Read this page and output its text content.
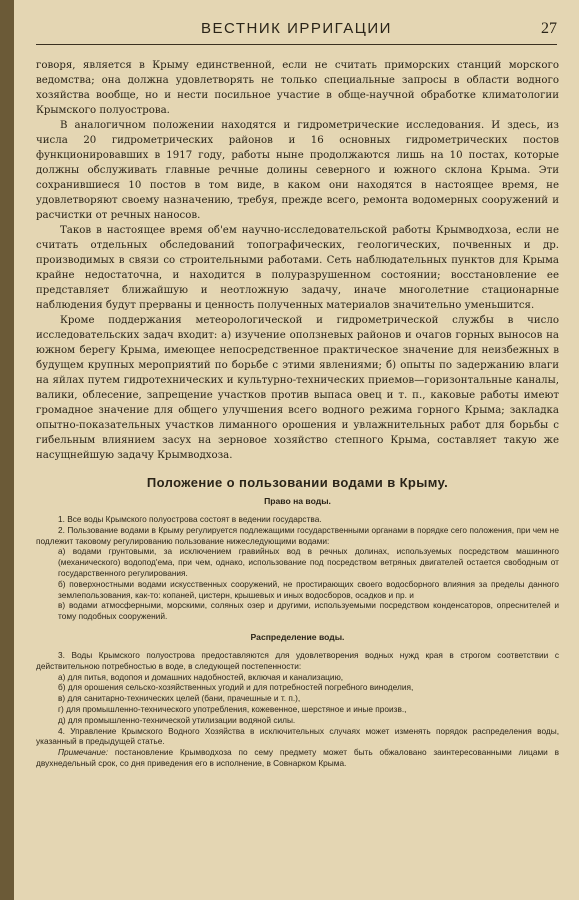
ВЕСТНИК ИРРИГАЦИИ	27

говоря, является в Крыму единственной, если не считать приморских станций морского ведомства; она должна удовлетворять не только специальные запросы в области водного хозяйства вообще, но и нести посильное участие в обще-научной обработке климатологии Крымского полуострова.

В аналогичном положении находятся и гидрометрические исследования. И здесь, из числа 20 гидрометрических районов и 16 основных гидрометрических постов функционировавших в 1917 году, работы ныне продолжаются лишь на 10 постах, которые должны обслуживать главные речные долины северного и южного склона Крыма. Эти сохранившиеся 10 постов в том виде, в каком они находятся в настоящее время, не удовлетворяют своему назначению, требуя, прежде всего, ремонта водомерных сооружений и расчистки от речных наносов.

Таков в настоящее время об'ем научно-исследовательской работы Крымводхоза, если не считать отдельных обследований топографических, геологических, почвенных и др. производимых в связи со строительными работами. Сеть наблюдательных пунктов для Крыма крайне недостаточна, и находится в полуразрушенном состоянии; восстановление ее представляет ближайшую и неотложную задачу, иначе многолетние стационарные наблюдения будут прерваны и ценность полученных материалов значительно уменьшится.

Кроме поддержания метеорологической и гидрометрической службы в число исследовательских задач входит: а) изучение оползневых районов и очагов горных выносов на южном берегу Крыма, имеющее непосредственное практическое значение для неизбежных в будущем крупных мероприятий по борьбе с этими явлениями; б) опыты по задержанию влаги на яйлах путем гидротехнических и культурно-технических приемов—горизонтальные каналы, валики, облесение, запрещение участков против выпаса овец и т. п., каковые работы имеют громадное значение для общего улучшения всего водного режима горного Крыма; закладка опытно-показательных участков лиманного орошения и увлажнительных работ для борьбы с гибельным влиянием засух на зерновое хозяйство степного Крыма, составляет такую же насущнейшую задачу Крымводхоза.

Положение о пользовании водами в Крыму.
Право на воды.

1. Все воды Крымского полуострова состоят в ведении государства.

2. Пользование водами в Крыму регулируется подлежащими государственными органами в порядке сего положения, при чем не подлежит таковому регулированию пользование нижеследующими водами:

а) водами грунтовыми, за исключением гравийных вод в речных долинах, используемых посредством машинного (механического) водопод'ема, при чем, однако, использование под посредством ветряных двигателей остается свободным от государственного регулирования.

б) поверхностными водами искусственных сооружений, не простирающих своего водосборного влияния за пределы данного землепользования, как-то: копаней, цистерн, крышевых и иных водосборов, осадков и пр. и

в) водами атмосферными, морскими, соляных озер и другими, используемыми посредством конденсаторов, опреснителей и тому подобных сооружений.

Распределение воды.

3. Воды Крымского полуострова предоставляются для удовлетворения водных нужд края в строгом соответствии с действительною потребностью в воде, в следующей постепенности:

а) для питья, водопоя и домашних надобностей, включая и канализацию,

б) для орошения сельско-хозяйственных угодий и для потребностей погребного виноделия,

в) для санитарно-технических целей (бани, прачешные и т. п.),

г) для промышленно-технического употребления, кожевенное, шерстяное и иные произв.,

д) для промышленно-технической утилизации водяной силы.

4. Управление Крымского Водного Хозяйства в исключительных случаях может изменять порядок распределения воды, указанный в предыдущей статье.

Примечание: постановление Крымводхоза по сему предмету может быть обжаловано заинтересованными лицами в двухнедельный срок, со дня приведения его в исполнение, в Совнарком Крыма.
